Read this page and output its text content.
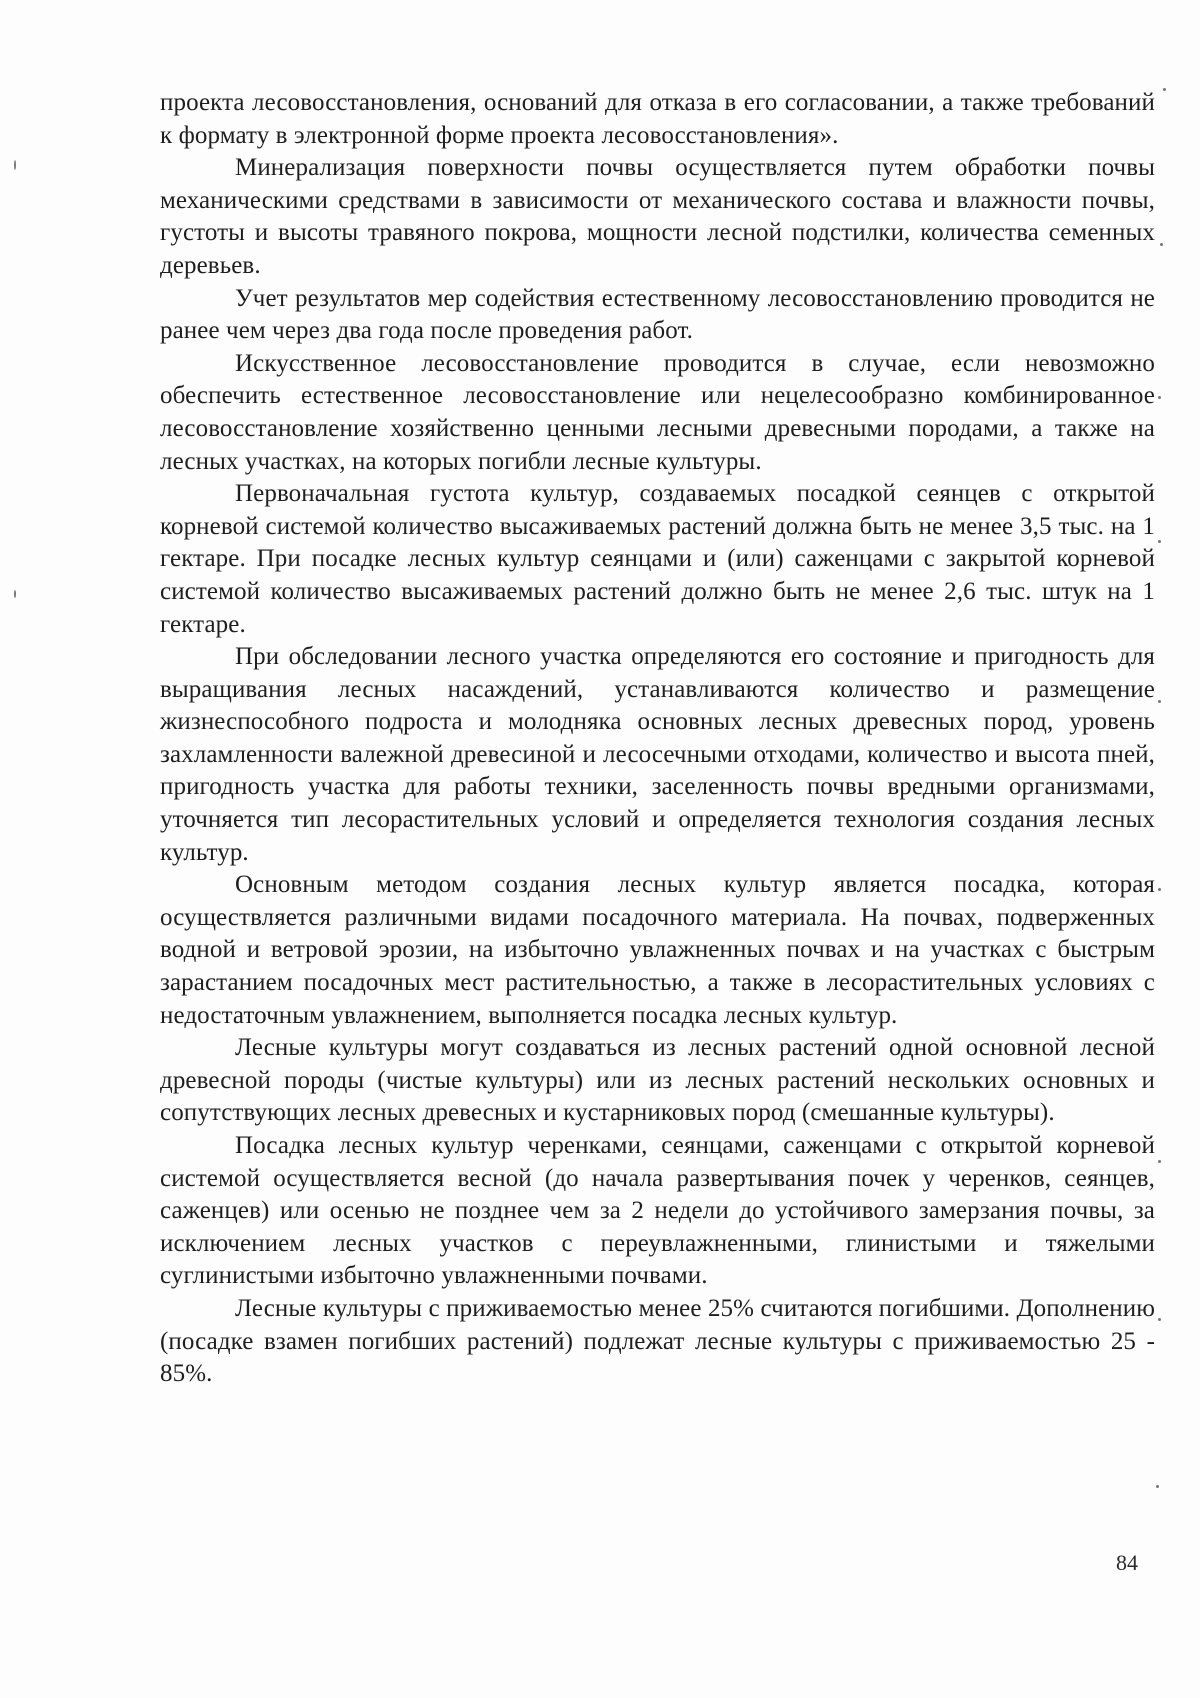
проекта лесовосстановления, оснований для отказа в его согласовании, а также требований к формату в электронной форме проекта лесовосстановления».

Минерализация поверхности почвы осуществляется путем обработки почвы механическими средствами в зависимости от механического состава и влажности почвы, густоты и высоты травяного покрова, мощности лесной подстилки, количества семенных деревьев.

Учет результатов мер содействия естественному лесовосстановлению проводится не ранее чем через два года после проведения работ.

Искусственное лесовосстановление проводится в случае, если невозможно обеспечить естественное лесовосстановление или нецелесообразно комбинированное лесовосстановление хозяйственно ценными лесными древесными породами, а также на лесных участках, на которых погибли лесные культуры.

Первоначальная густота культур, создаваемых посадкой сеянцев с открытой корневой системой количество высаживаемых растений должна быть не менее 3,5 тыс. на 1 гектаре. При посадке лесных культур сеянцами и (или) саженцами с закрытой корневой системой количество высаживаемых растений должно быть не менее 2,6 тыс. штук на 1 гектаре.

При обследовании лесного участка определяются его состояние и пригодность для выращивания лесных насаждений, устанавливаются количество и размещение жизнеспособного подроста и молодняка основных лесных древесных пород, уровень захламленности валежной древесиной и лесосечными отходами, количество и высота пней, пригодность участка для работы техники, заселенность почвы вредными организмами, уточняется тип лесорастительных условий и определяется технология создания лесных культур.

Основным методом создания лесных культур является посадка, которая осуществляется различными видами посадочного материала. На почвах, подверженных водной и ветровой эрозии, на избыточно увлажненных почвах и на участках с быстрым зарастанием посадочных мест растительностью, а также в лесорастительных условиях с недостаточным увлажнением, выполняется посадка лесных культур.

Лесные культуры могут создаваться из лесных растений одной основной лесной древесной породы (чистые культуры) или из лесных растений нескольких основных и сопутствующих лесных древесных и кустарниковых пород (смешанные культуры).

Посадка лесных культур черенками, сеянцами, саженцами с открытой корневой системой осуществляется весной (до начала развертывания почек у черенков, сеянцев, саженцев) или осенью не позднее чем за 2 недели до устойчивого замерзания почвы, за исключением лесных участков с переувлажненными, глинистыми и тяжелыми суглинистыми избыточно увлажненными почвами.

Лесные культуры с приживаемостью менее 25% считаются погибшими. Дополнению (посадке взамен погибших растений) подлежат лесные культуры с приживаемостью 25 - 85%.

84
